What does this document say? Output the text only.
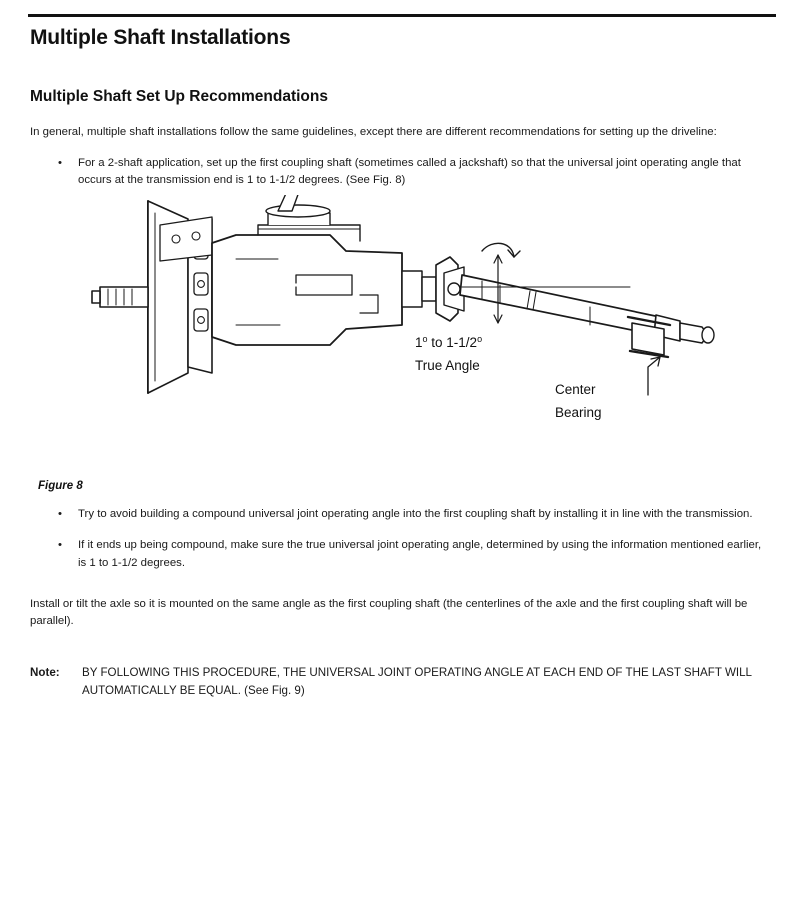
Multiple Shaft Installations
Multiple Shaft Set Up Recommendations

In general, multiple shaft installations follow the same guidelines, except there are different recommendations for setting up the driveline:

• For a 2-shaft application, set up the first coupling shaft (sometimes called a jackshaft) so that the universal joint operating angle that occurs at the transmission end is 1 to 1-1/2 degrees. (See Fig. 8)
1$^o$ to 1-1/2$^o$
True Angle
Center
Bearing
Figure 8
• Try to avoid building a compound universal joint operating angle into the first coupling shaft by installing it in line with the transmission.
• If it ends up being compound, make sure the true universal joint operating angle, determined by using the information mentioned earlier, is 1 to 1-1/2 degrees.

Install or tilt the axle so it is mounted on the same angle as the first coupling shaft (the centerlines of the axle and the first coupling shaft will be parallel).

Note: BY FOLLOWING THIS PROCEDURE, THE UNIVERSAL JOINT OPERATING ANGLE AT EACH END OF THE LAST SHAFT WILL AUTOMATICALLY BE EQUAL. (See Fig. 9)
